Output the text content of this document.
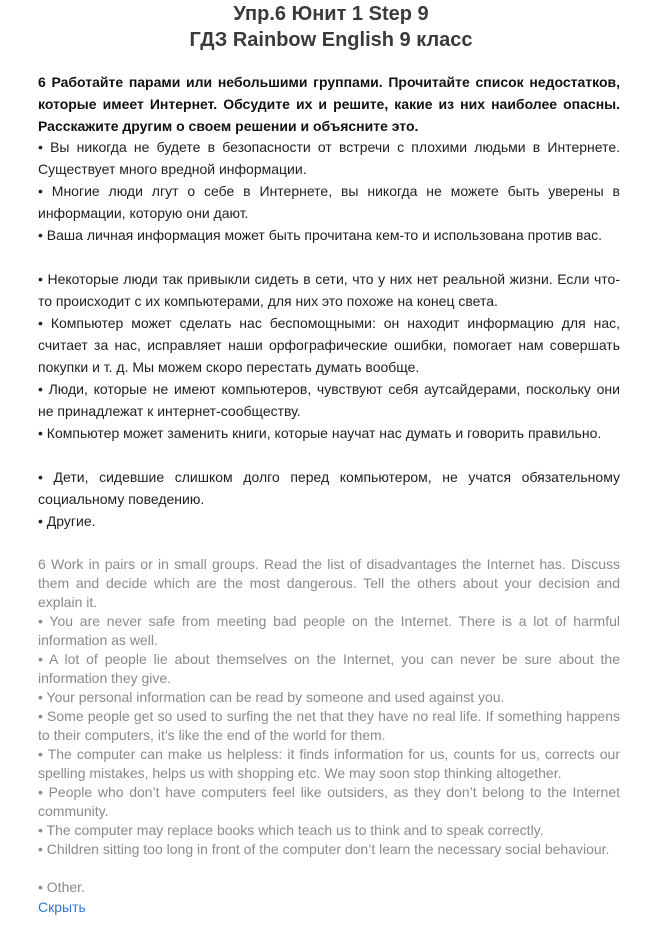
Упр.6 Юнит 1 Step 9
ГДЗ Rainbow English 9 класс
6 Работайте парами или небольшими группами. Прочитайте список недостатков, которые имеет Интернет. Обсудите их и решите, какие из них наиболее опасны. Расскажите другим о своем решении и объясните это.
• Вы никогда не будете в безопасности от встречи с плохими людьми в Интернете. Существует много вредной информации.
• Многие люди лгут о себе в Интернете, вы никогда не можете быть уверены в информации, которую они дают.
• Ваша личная информация может быть прочитана кем-то и использована против вас.
• Некоторые люди так привыкли сидеть в сети, что у них нет реальной жизни. Если что-то происходит с их компьютерами, для них это похоже на конец света.
• Компьютер может сделать нас беспомощными: он находит информацию для нас, считает за нас, исправляет наши орфографические ошибки, помогает нам совершать покупки и т. д. Мы можем скоро перестать думать вообще.
• Люди, которые не имеют компьютеров, чувствуют себя аутсайдерами, поскольку они не принадлежат к интернет-сообществу.
• Компьютер может заменить книги, которые научат нас думать и говорить правильно.
• Дети, сидевшие слишком долго перед компьютером, не учатся обязательному социальному поведению.
• Другие.
6 Work in pairs or in small groups. Read the list of disadvantages the Internet has. Discuss them and decide which are the most dangerous. Tell the others about your decision and explain it.
• You are never safe from meeting bad people on the Internet. There is a lot of harmful information as well.
• A lot of people lie about themselves on the Internet, you can never be sure about the information they give.
• Your personal information can be read by someone and used against you.
• Some people get so used to surfing the net that they have no real life. If something happens to their computers, it’s like the end of the world for them.
• The computer can make us helpless: it finds information for us, counts for us, corrects our spelling mistakes, helps us with shopping etc. We may soon stop thinking altogether.
• People who don’t have computers feel like outsiders, as they don’t belong to the Internet community.
• The computer may replace books which teach us to think and to speak correctly.
• Children sitting too long in front of the computer don’t learn the necessary social behaviour.
• Other.
Скрыть
